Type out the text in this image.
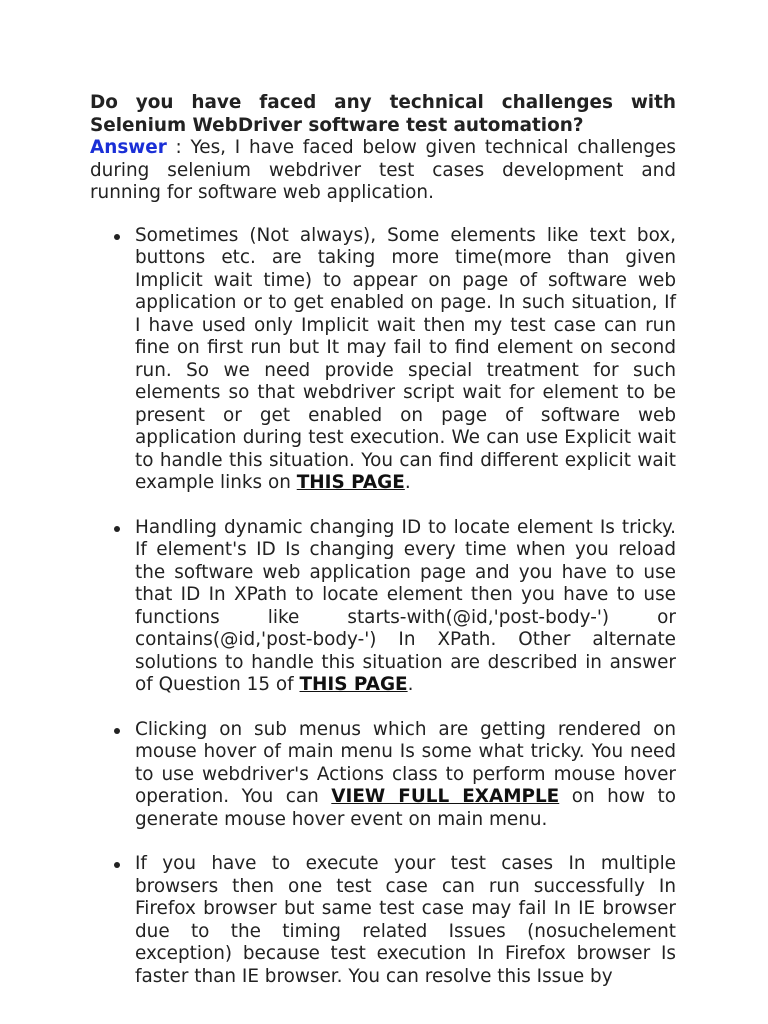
Do you have faced any technical challenges with Selenium WebDriver software test automation?

Answer : Yes, I have faced below given technical challenges during selenium webdriver test cases development and running for software web application.

Sometimes (Not always), Some elements like text box, buttons etc. are taking more time(more than given Implicit wait time) to appear on page of software web application or to get enabled on page. In such situation, If I have used only Implicit wait then my test case can run fine on first run but It may fail to find element on second run. So we need provide special treatment for such elements so that webdriver script wait for element to be present or get enabled on page of software web application during test execution. We can use Explicit wait to handle this situation. You can find different explicit wait example links on THIS PAGE.
Handling dynamic changing ID to locate element Is tricky. If element's ID Is changing every time when you reload the software web application page and you have to use that ID In XPath to locate element then you have to use functions like starts-with(@id,'post-body-') or contains(@id,'post-body-') In XPath. Other alternate solutions to handle this situation are described in answer of Question 15 of THIS PAGE.
Clicking on sub menus which are getting rendered on mouse hover of main menu Is some what tricky. You need to use webdriver's Actions class to perform mouse hover operation. You can VIEW FULL EXAMPLE on how to generate mouse hover event on main menu.
If you have to execute your test cases In multiple browsers then one test case can run successfully In Firefox browser but same test case may fail In IE browser due to the timing related Issues (nosuchelement exception) because test execution In Firefox browser Is faster than IE browser. You can resolve this Issue by
